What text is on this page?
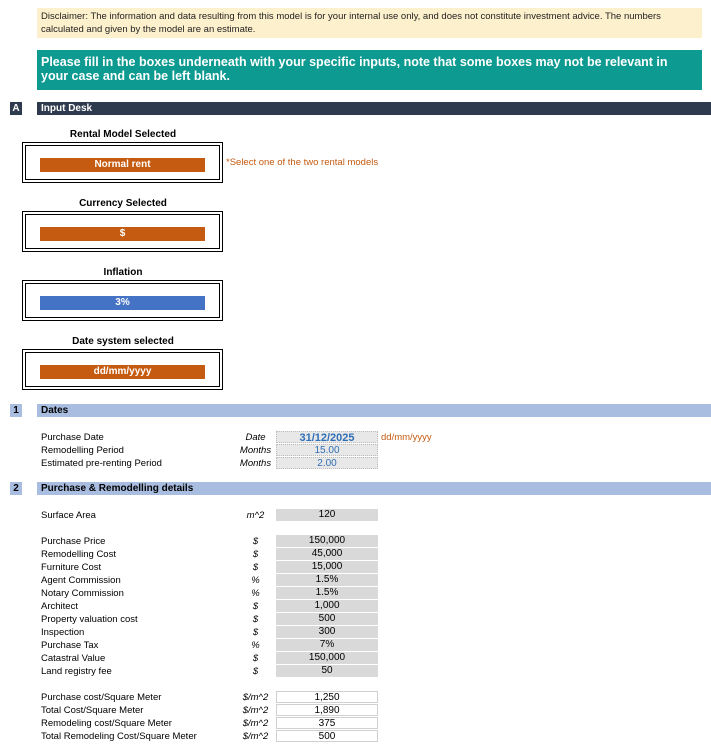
Disclaimer: The information and data resulting from this model is for your internal use only, and does not constitute investment advice. The numbers calculated and given by the model are an estimate.
Please fill in the boxes underneath with your specific inputs, note that some boxes may not be relevant in your case and can be left blank.
A	Input Desk
Rental Model Selected
Normal rent	*Select one of the two rental models
Currency Selected
$
Inflation
3%
Date system selected
dd/mm/yyyy
1	Dates
Purchase Date	Date	31/12/2025	dd/mm/yyyy
Remodelling Period	Months	15.00
Estimated pre-renting Period	Months	2.00
2	Purchase & Remodelling details
Surface Area	m^2	120
Purchase Price	$	150,000
Remodelling Cost	$	45,000
Furniture Cost	$	15,000
Agent Commission	%	1.5%
Notary Commission	%	1.5%
Architect	$	1,000
Property valuation cost	$	500
Inspection	$	300
Purchase Tax	%	7%
Catastral Value	$	150,000
Land registry fee	$	50
Purchase cost/Square Meter	$/m^2	1,250
Total Cost/Square Meter	$/m^2	1,890
Remodeling cost/Square Meter	$/m^2	375
Total Remodeling Cost/Square Meter	$/m^2	500
